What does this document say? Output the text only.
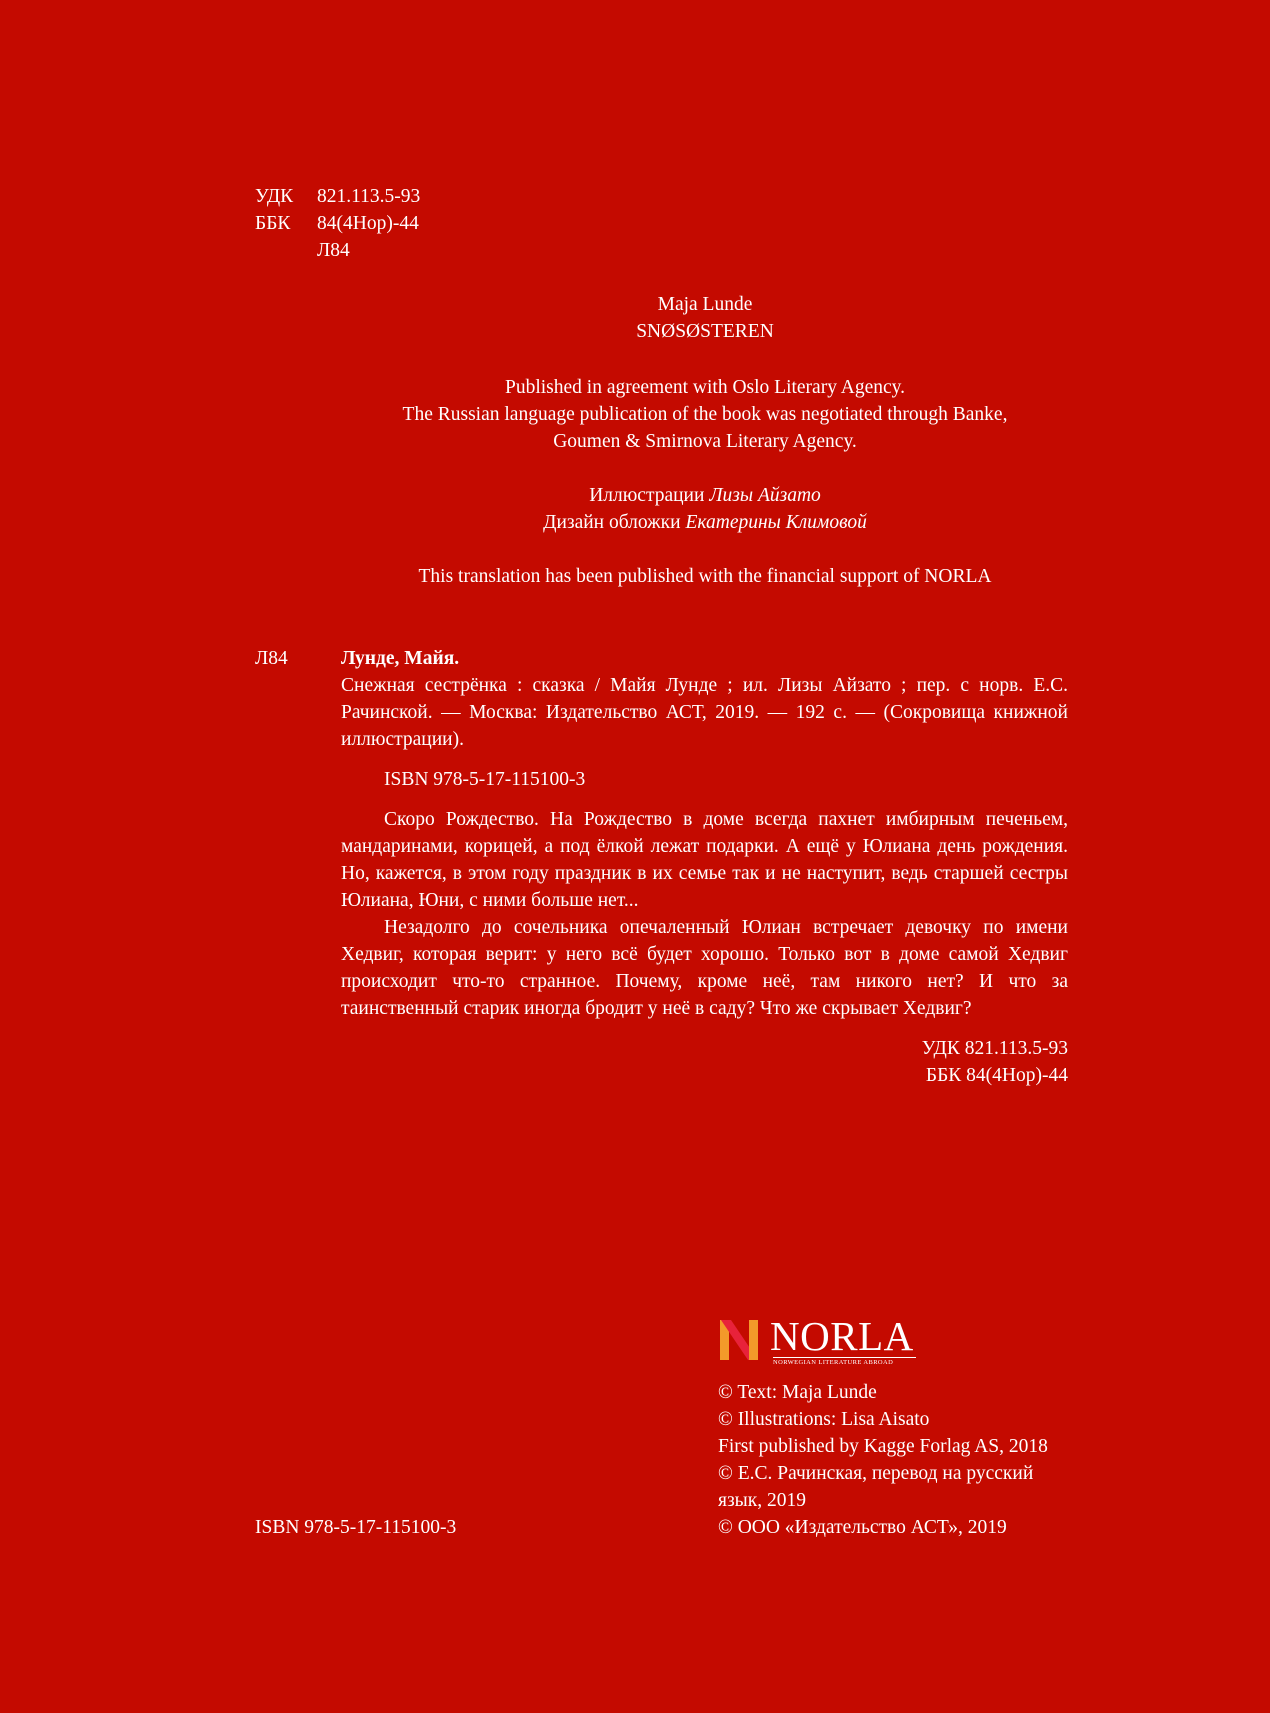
УДК	821.113.5-93
ББК	84(4Нор)-44
Л84
Maja Lunde
SNØSØSTEREN
Published in agreement with Oslo Literary Agency.
The Russian language publication of the book was negotiated through Banke,
Goumen & Smirnova Literary Agency.
Иллюстрации Лизы Айзато
Дизайн обложки Екатерины Климовой
This translation has been published with the financial support of NORLA
Л84	Лунде, Майя.

Снежная сестрёнка : сказка / Майя Лунде ; ил. Лизы Айзато ; пер. с норв. Е.С. Рачинской. — Москва: Издательство АСТ, 2019. — 192 с. — (Сокровища книжной иллюстрации).

ISBN 978-5-17-115100-3

Скоро Рождество. На Рождество в доме всегда пахнет имбирным печеньем, мандаринами, корицей, а под ёлкой лежат подарки. А ещё у Юлиана день рождения. Но, кажется, в этом году праздник в их семье так и не наступит, ведь старшей сестры Юлиана, Юни, с ними больше нет...

Незадолго до сочельника опечаленный Юлиан встречает девочку по имени Хедвиг, которая верит: у него всё будет хорошо. Только вот в доме самой Хедвиг происходит что-то странное. Почему, кроме неё, там никого нет? И что за таинственный старик иногда бродит у неё в саду? Что же скрывает Хедвиг?

УДК 821.113.5-93
ББК 84(4Нор)-44
NORLA
NORWEGIAN LITERATURE ABROAD
© Text: Maja Lunde
© Illustrations: Lisa Aisato
First published by Kagge Forlag AS, 2018
© Е.С. Рачинская, перевод на русский язык, 2019
© ООО «Издательство АСТ», 2019
ISBN 978-5-17-115100-3
